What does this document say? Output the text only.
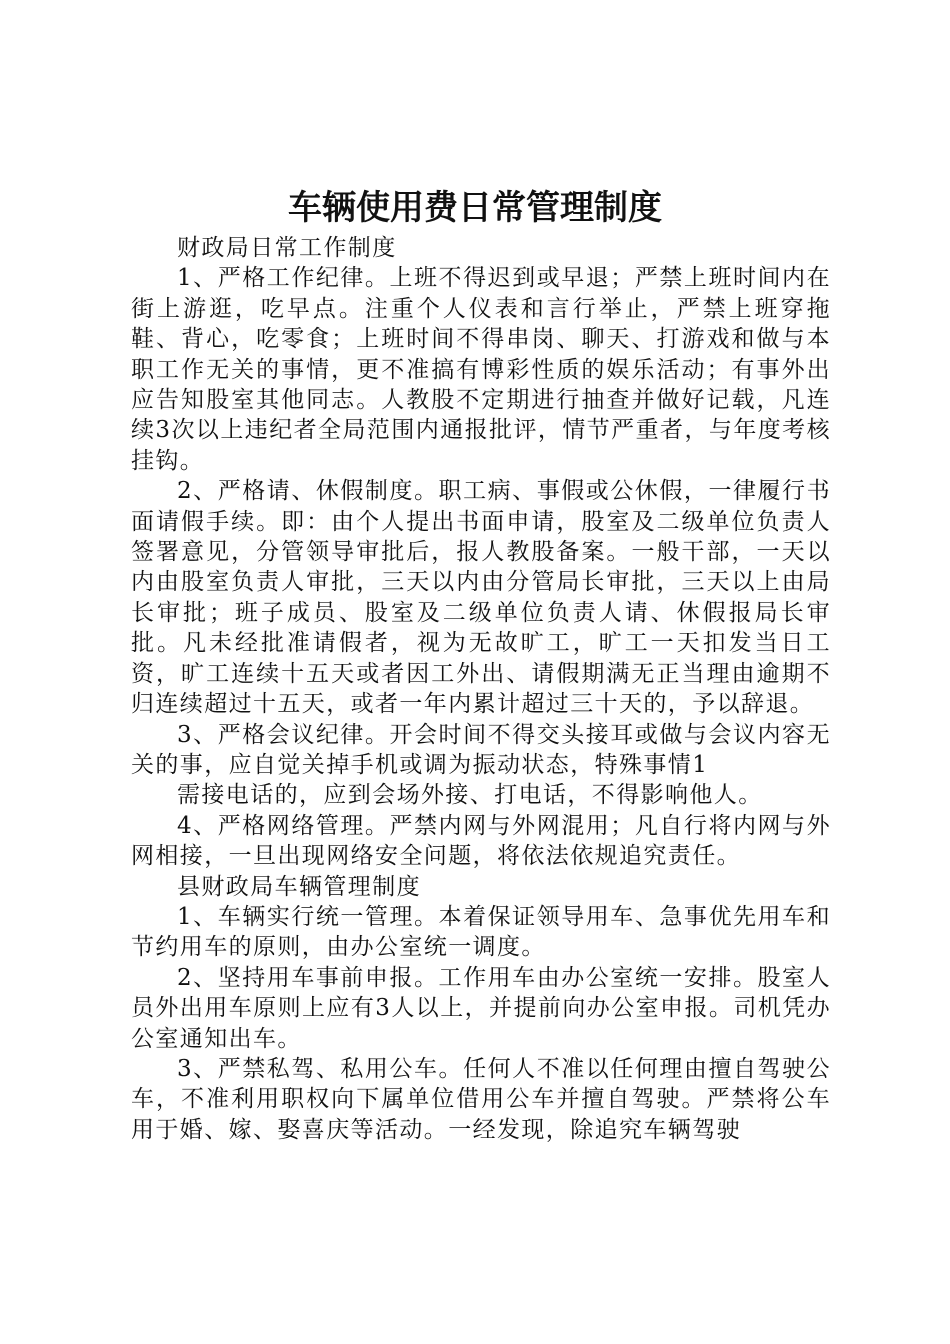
车辆使用费日常管理制度

财政局日常工作制度

1、严格工作纪律。上班不得迟到或早退；严禁上班时间内在街上游逛，吃早点。注重个人仪表和言行举止，严禁上班穿拖鞋、背心，吃零食；上班时间不得串岗、聊天、打游戏和做与本职工作无关的事情，更不准搞有博彩性质的娱乐活动；有事外出应告知股室其他同志。人教股不定期进行抽查并做好记载，凡连续3次以上违纪者全局范围内通报批评，情节严重者，与年度考核挂钩。

2、严格请、休假制度。职工病、事假或公休假，一律履行书面请假手续。即：由个人提出书面申请，股室及二级单位负责人签署意见，分管领导审批后，报人教股备案。一般干部，一天以内由股室负责人审批，三天以内由分管局长审批，三天以上由局长审批；班子成员、股室及二级单位负责人请、休假报局长审批。凡未经批准请假者，视为无故旷工，旷工一天扣发当日工资，旷工连续十五天或者因工外出、请假期满无正当理由逾期不归连续超过十五天，或者一年内累计超过三十天的，予以辞退。

3、严格会议纪律。开会时间不得交头接耳或做与会议内容无关的事，应自觉关掉手机或调为振动状态，特殊事情1

需接电话的，应到会场外接、打电话，不得影响他人。

4、严格网络管理。严禁内网与外网混用；凡自行将内网与外网相接，一旦出现网络安全问题，将依法依规追究责任。

县财政局车辆管理制度

1、车辆实行统一管理。本着保证领导用车、急事优先用车和节约用车的原则，由办公室统一调度。

2、坚持用车事前申报。工作用车由办公室统一安排。股室人员外出用车原则上应有3人以上，并提前向办公室申报。司机凭办公室通知出车。

3、严禁私驾、私用公车。任何人不准以任何理由擅自驾驶公车，不准利用职权向下属单位借用公车并擅自驾驶。严禁将公车用于婚、嫁、娶喜庆等活动。一经发现，除追究车辆驾驶
